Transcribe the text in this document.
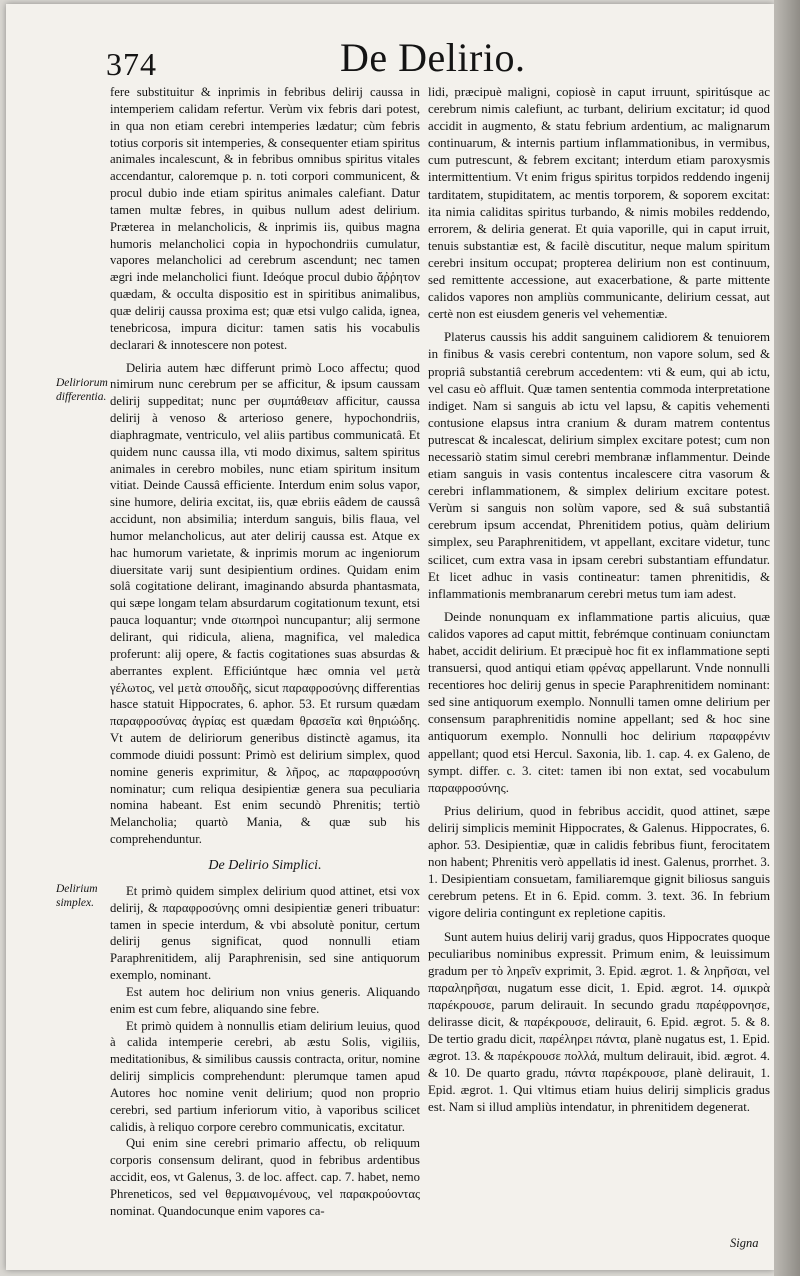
374	De Delirio.
Deliriorum differentia.
Delirium simplex.

fere substituitur & inprimis in febribus delirij caussa in intemperiem calidam refertur. Verùm vix febris dari potest, in qua non etiam cerebri intemperies lædatur; cùm febris totius corporis sit intemperies, & consequenter etiam spiritus animales incalescunt, & in febribus omnibus spiritus vitales accendantur, caloremque p. n. toti corpori communicent, & procul dubio inde etiam spiritus animales calefiant. Datur tamen multæ febres, in quibus nullum adest delirium. Præterea in melancholicis, & inprimis iis, quibus magna humoris melancholici copia in hypochondriis cumulatur, vapores melancholici ad cerebrum ascendunt; nec tamen ægri inde melancholici fiunt. Ideóque procul dubio ἄῤῥητον quædam, & occulta dispositio est in spiritibus animalibus, quæ delirij caussa proxima est; quæ etsi vulgo calida, ignea, tenebricosa, impura dicitur: tamen satis his vocabulis declarari & innotescere non potest.

Deliria autem hæc differunt primò Loco affectu; quod nimirum nunc cerebrum per se afficitur, & ipsum caussam delirij suppeditat; nunc per συμπάθειαν afficitur, caussa delirij à venoso & arterioso genere, hypochondriis, diaphragmate, ventriculo, vel aliis partibus communicatâ. Et quidem nunc caussa illa, vti modo diximus, saltem spiritus animales in cerebro mobiles, nunc etiam spiritum insitum vitiat. Deinde Caussâ efficiente. Interdum enim solus vapor, sine humore, deliria excitat, iis, quæ ebriis eâdem de caussâ accidunt, non absimilia; interdum sanguis, bilis flaua, vel humor melancholicus, aut ater delirij caussa est. Atque ex hac humorum varietate, & inprimis morum ac ingeniorum diuersitate varij sunt desipientium ordines. Quidam enim solâ cogitatione delirant, imaginando absurda phantasmata, qui sæpe longam telam absurdarum cogitationum texunt, etsi pauca loquantur; vnde σιωπηροὶ nuncupantur; alij sermone delirant, qui ridicula, aliena, magnifica, vel maledica proferunt: alij opere, & factis cogitationes suas absurdas & aberrantes explent. Efficiúntque hæc omnia vel μετὰ γέλωτος, vel μετὰ σπουδῆς, sicut παραφροσύνης differentias hasce statuit Hippocrates, 6. aphor. 53. Et rursum quædam παραφροσύνας ἀγρίας est quædam θρασεῖα καὶ θηριώδης. Vt autem de deliriorum generibus distinctè agamus, ita commode diuidi possunt: Primò est delirium simplex, quod nomine generis exprimitur, & λῆρος, ac παραφροσύνη nominatur; cum reliqua desipientiæ genera sua peculiaria nomina habeant. Est enim secundò Phrenitis; tertiò Melancholia; quartò Mania, & quæ sub his comprehenduntur.

De Delirio Simplici.

Et primò quidem simplex delirium quod attinet, etsi vox delirij, & παραφροσύνης omni desipientiæ generi tribuatur: tamen in specie interdum, & vbi absolutè ponitur, certum delirij genus significat, quod nonnulli etiam Paraphrenitidem, alij Paraphrenisin, sed sine antiquorum exemplo, nominant.

Est autem hoc delirium non vnius generis. Aliquando enim est cum febre, aliquando sine febre.

Et primò quidem à nonnullis etiam delirium leuius, quod à calida intemperie cerebri, ab æstu Solis, vigiliis, meditationibus, & similibus caussis contracta, oritur, nomine delirij simplicis comprehendunt: plerumque tamen apud Autores hoc nomine venit delirium; quod non proprio cerebri, sed partium inferiorum vitio, à vaporibus scilicet calidis, à reliquo corpore cerebro communicatis, excitatur.

Qui enim sine cerebri primario affectu, ob reliquum corporis consensum delirant, quod in febribus ardentibus accidit, eos, vt Galenus, 3. de loc. affect. cap. 7. habet, nemo Phreneticos, sed vel θερμαινομένους, vel παρακρούοντας nominat. Quandocunque enim vapores ca-

lidi, præcipuè maligni, copiosè in caput irruunt, spiritúsque ac cerebrum nimis calefiunt, ac turbant, delirium excitatur; id quod accidit in augmento, & statu febrium ardentium, ac malignarum continuarum, & internis partium inflammationibus, in vermibus, cum putrescunt, & febrem excitant; interdum etiam paroxysmis intermittentium. Vt enim frigus spiritus torpidos reddendo ingenij tarditatem, stupiditatem, ac mentis torporem, & soporem excitat: ita nimia caliditas spiritus turbando, & nimis mobiles reddendo, errorem, & deliria generat. Et quia vaporille, qui in caput irruit, tenuis substantiæ est, & facilè discutitur, neque malum spiritum cerebri insitum occupat; propterea delirium non est continuum, sed remittente accessione, aut exacerbatione, & parte mittente calidos vapores non ampliùs communicante, delirium cessat, aut certè non est eiusdem generis vel vehementiæ.

Platerus caussis his addit sanguinem calidiorem & tenuiorem in finibus & vasis cerebri contentum, non vapore solum, sed & propriâ substantiâ cerebrum accedentem: vti & eum, qui ab ictu, vel casu eò affluit. Quæ tamen sententia commoda interpretatione indiget. Nam si sanguis ab ictu vel lapsu, & capitis vehementi contusione elapsus intra cranium & duram matrem contentus putrescat & incalescat, delirium simplex excitare potest; cum non necessariò statim simul cerebri membranæ inflammentur. Deinde etiam sanguis in vasis contentus incalescere citra vasorum & cerebri inflammationem, & simplex delirium excitare potest. Verùm si sanguis non solùm vapore, sed & suâ substantiâ cerebrum ipsum accendat, Phrenitidem potius, quàm delirium simplex, seu Paraphrenitidem, vt appellant, excitare videtur, tunc scilicet, cum extra vasa in ipsam cerebri substantiam effundatur. Et licet adhuc in vasis contineatur: tamen phrenitidis, & inflammationis membranarum cerebri metus tum iam adest.

Deinde nonunquam ex inflammatione partis alicuius, quæ calidos vapores ad caput mittit, febrémque continuam coniunctam habet, accidit delirium. Et præcipuè hoc fit ex inflammatione septi transuersi, quod antiqui etiam φρένας appellarunt. Vnde nonnulli recentiores hoc delirij genus in specie Paraphrenitidem nominant: sed sine antiquorum exemplo. Nonnulli tamen omne delirium per consensum paraphrenitidis nomine appellant; sed & hoc sine antiquorum exemplo. Nonnulli hoc delirium παραφρένιν appellant; quod etsi Hercul. Saxonia, lib. 1. cap. 4. ex Galeno, de sympt. differ. c. 3. citet: tamen ibi non extat, sed vocabulum παραφροσύνης.

Prius delirium, quod in febribus accidit, quod attinet, sæpe delirij simplicis meminit Hippocrates, & Galenus. Hippocrates, 6. aphor. 53. Desipientiæ, quæ in calidis febribus fiunt, ferocitatem non habent; Phrenitis verò appellatis id inest. Galenus, prorrhet. 3. 1. Desipientiam consuetam, familiaremque gignit biliosus sanguis cerebrum petens. Et in 6. Epid. comm. 3. text. 36. In febrium vigore deliria contingunt ex repletione capitis.

Sunt autem huius delirij varij gradus, quos Hippocrates quoque peculiaribus nominibus expressit. Primum enim, & leuissimum gradum per τὸ ληρεῖν exprimit, 3. Epid. ægrot. 1. & ληρῆσαι, vel παραληρῆσαι, nugatum esse dicit, 1. Epid. ægrot. 14. σμικρὰ παρέκρουσε, parum delirauit. In secundo gradu παρέφρονησε, delirasse dicit, & παρέκρουσε, delirauit, 6. Epid. ægrot. 5. & 8. De tertio gradu dicit, παρέληρει πάντα, planè nugatus est, 1. Epid. ægrot. 13. & παρέκρουσε πολλά, multum delirauit, ibid. ægrot. 4. & 10. De quarto gradu, πάντα παρέκρουσε, planè delirauit, 1. Epid. ægrot. 1. Qui vltimus etiam huius delirij simplicis gradus est. Nam si illud ampliùs intendatur, in phrenitidem degenerat.

Signa
